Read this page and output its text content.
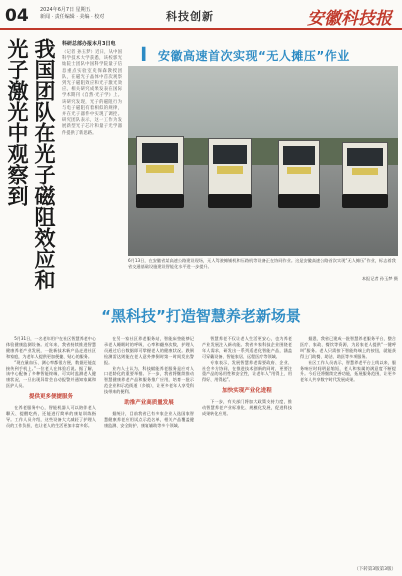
04 2024年6月7日 星期五
新闻 · 责任编辑 · 美编 · 校对	科技创新	安徽科技报
我国团队在光子磁阻效应和光子激光中观察到	科研总部办报本月3日电
（记者 孙玉梦）近日，从中国科学技术大学获悉，该校郭光灿院士团队中国科学院量子信息重点实验室史保森教授团队，在磁光子晶体中首次观察到光子磁阻效应和光子激光效应。相关研究成果发表在国际学术期刊《自然·光子学》上。该研究发现，光子的磁阻行为与电子磁阻有着相似的规律，并在光子器件中实现了调控。研究团队表示，这一工作为发展新型光子芯片和量子光学器件提供了新思路。
▍ 安徽高速首次实现“无人摊压”作业
6月13日，在安徽省某高速公路建设现场，无人驾驶摊铺机和压路机等设备正在协同作业。这是安徽高速公路首次实现“无人摊压”作业，标志着我省交通基础设施建设智能化水平进一步提升。
本报记者 孙玉梦 摄
“黑科技”打造智慧养老新场景

5月31日，一名老年用户在社区智慧养老中心体验健康监测设备。近年来，我省持续推进智慧健康养老产业发展，一批新技术新产品走进社区和家庭，为老年人提供更加便捷、贴心的服务。

“现在量血压、测心率都很方便，数据还能直接传到手机上。”一位老人在体验后说。据了解，该中心配备了多种智能终端，可实时监测老人健康状况，一旦出现异常会自动报警并通知家属和医护人员。

提供更多便捷服务

在养老服务中心，智能机器人可以陪伴老人聊天、提醒吃药，还能进行简单的康复训练指导。工作人员介绍，这些设备大大减轻了护理人员的工作负担，也让老人的生活更加丰富多彩。

在另一家社区养老服务站，智能床垫能够记录老人睡眠时的呼吸、心率和翻身次数，护理人员通过后台数据即可掌握老人的健康状况。跌倒检测雷达则能在老人意外摔倒时第一时间发出警报。

业内人士认为，科技赋能养老服务是应对人口老龄化的重要举措。下一步，我省将继续推动智慧健康养老产品和服务推广应用，培育一批示范企业和示范街道（乡镇），让更多老年人享受科技带来的便利。

助推产业高质量发展

据统计，目前我省已有多家企业入选国家智慧健康养老应用试点示范名单，相关产品覆盖健康监测、安全防护、康复辅助等多个领域。

智慧养老不仅让老人生活更安心，也为养老产业发展注入新动能。我省多家科技企业围绕老年人需求，研发出一系列适老化智能产品，涵盖可穿戴设备、智能家居、远程医疗等领域。

专家表示，发展智慧养老需要政府、企业、社会多方协同，在推进技术创新的同时，更要注重产品的易用性和安全性，让老年人“用得上、用得好、用得起”。

加快实现产业化进程

下一步，有关部门将加大政策支持力度，推动智慧养老产业标准化、规模化发展，促进科技成果转化应用。

据悉，我省已建成一批智慧养老服务平台，整合医疗、家政、餐饮等资源，为居家老人提供“一键呼叫”服务。老人只需按下智能终端上的按钮，就能获得上门助餐、助洁、助医等多项服务。

社区工作人员表示，智慧养老平台上线以来，服务响应时间明显缩短，老人和家属的满意度不断提升。今后还将继续完善功能，拓展服务范围，让更多老年人共享数字时代发展成果。

（下转第3版第3版）
